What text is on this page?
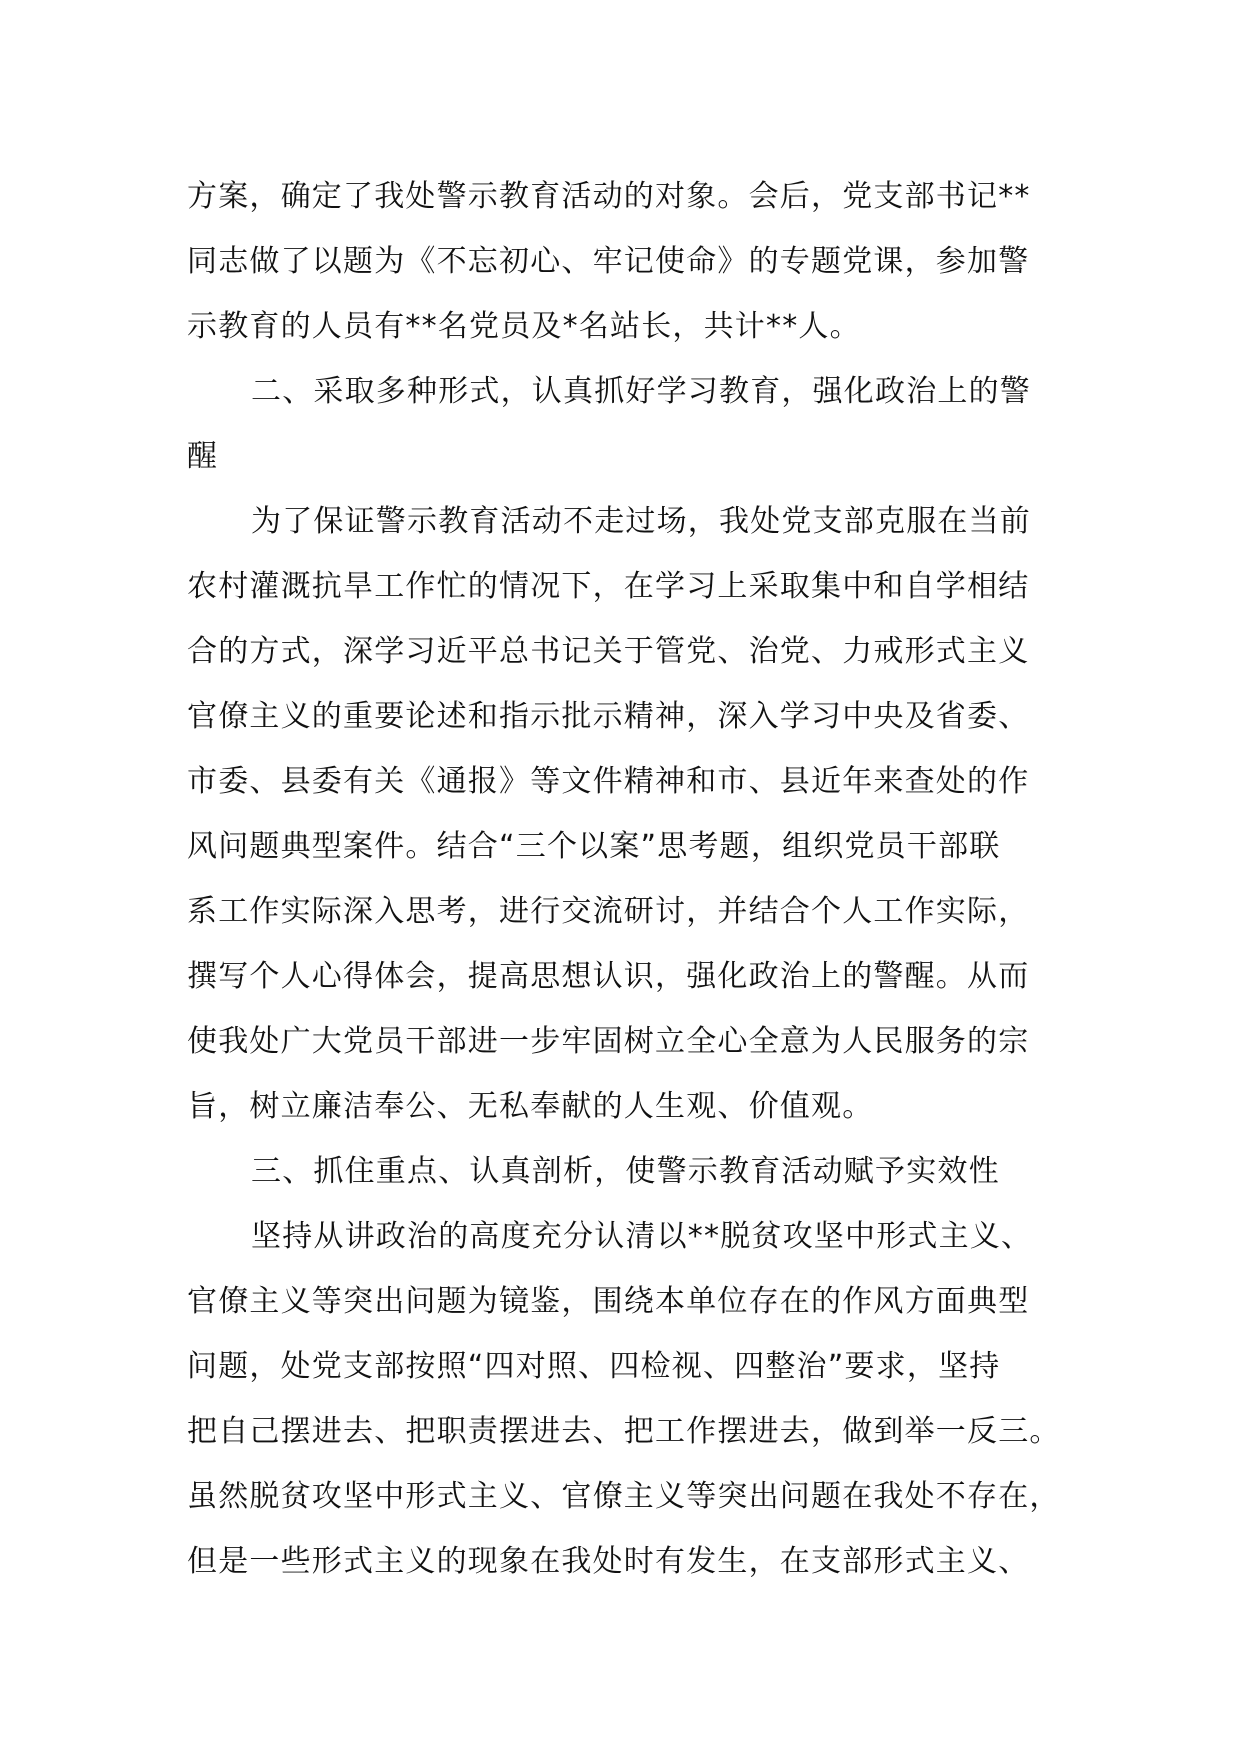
方案，确定了我处警示教育活动的对象。会后，党支部书记**
同志做了以题为《不忘初心、牢记使命》的专题党课，参加警
示教育的人员有**名党员及*名站长，共计**人。
二、采取多种形式，认真抓好学习教育，强化政治上的警
醒
为了保证警示教育活动不走过场，我处党支部克服在当前
农村灌溉抗旱工作忙的情况下，在学习上采取集中和自学相结
合的方式，深学习近平总书记关于管党、治党、力戒形式主义
官僚主义的重要论述和指示批示精神，深入学习中央及省委、
市委、县委有关《通报》等文件精神和市、县近年来查处的作
风问题典型案件。结合“三个以案”思考题，组织党员干部联
系工作实际深入思考，进行交流研讨，并结合个人工作实际，
撰写个人心得体会，提高思想认识，强化政治上的警醒。从而
使我处广大党员干部进一步牢固树立全心全意为人民服务的宗
旨，树立廉洁奉公、无私奉献的人生观、价值观。
三、抓住重点、认真剖析，使警示教育活动赋予实效性
坚持从讲政治的高度充分认清以**脱贫攻坚中形式主义、
官僚主义等突出问题为镜鉴，围绕本单位存在的作风方面典型
问题，处党支部按照“四对照、四检视、四整治”要求，坚持
把自己摆进去、把职责摆进去、把工作摆进去，做到举一反三。
虽然脱贫攻坚中形式主义、官僚主义等突出问题在我处不存在，
但是一些形式主义的现象在我处时有发生，在支部形式主义、
